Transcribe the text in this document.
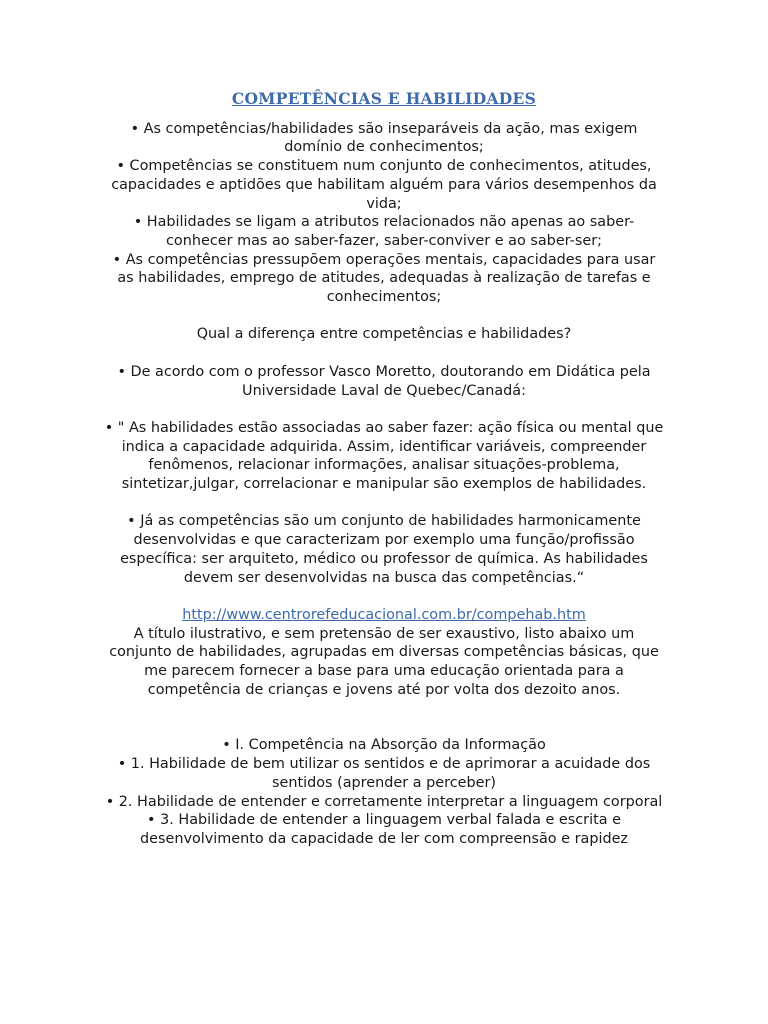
COMPETÊNCIAS E HABILIDADES

• As competências/habilidades são inseparáveis da ação, mas exigem domínio de conhecimentos;

• Competências se constituem num conjunto de conhecimentos, atitudes, capacidades e aptidões que habilitam alguém para vários desempenhos da vida;

• Habilidades se ligam a atributos relacionados não apenas ao saber-conhecer mas ao saber-fazer, saber-conviver e ao saber-ser;

• As competências pressupõem operações mentais, capacidades para usar as habilidades, emprego de atitudes, adequadas à realização de tarefas e conhecimentos;

Qual a diferença entre competências e habilidades?

• De acordo com o professor Vasco Moretto, doutorando em Didática pela Universidade Laval de Quebec/Canadá:

• " As habilidades estão associadas ao saber fazer: ação física ou mental que indica a capacidade adquirida. Assim, identificar variáveis, compreender fenômenos, relacionar informações, analisar situações-problema, sintetizar,julgar, correlacionar e manipular são exemplos de habilidades.

• Já as competências são um conjunto de habilidades harmonicamente desenvolvidas e que caracterizam por exemplo uma função/profissão específica: ser arquiteto, médico ou professor de química. As habilidades devem ser desenvolvidas na busca das competências.“

http://www.centrorefeducacional.com.br/compehab.htm

A título ilustrativo, e sem pretensão de ser exaustivo, listo abaixo um conjunto de habilidades, agrupadas em diversas competências básicas, que me parecem fornecer a base para uma educação orientada para a competência de crianças e jovens até por volta dos dezoito anos.

• I. Competência na Absorção da Informação

• 1. Habilidade de bem utilizar os sentidos e de aprimorar a acuidade dos sentidos (aprender a perceber)

• 2. Habilidade de entender e corretamente interpretar a linguagem corporal

• 3. Habilidade de entender a linguagem verbal falada e escrita e desenvolvimento da capacidade de ler com compreensão e rapidez
